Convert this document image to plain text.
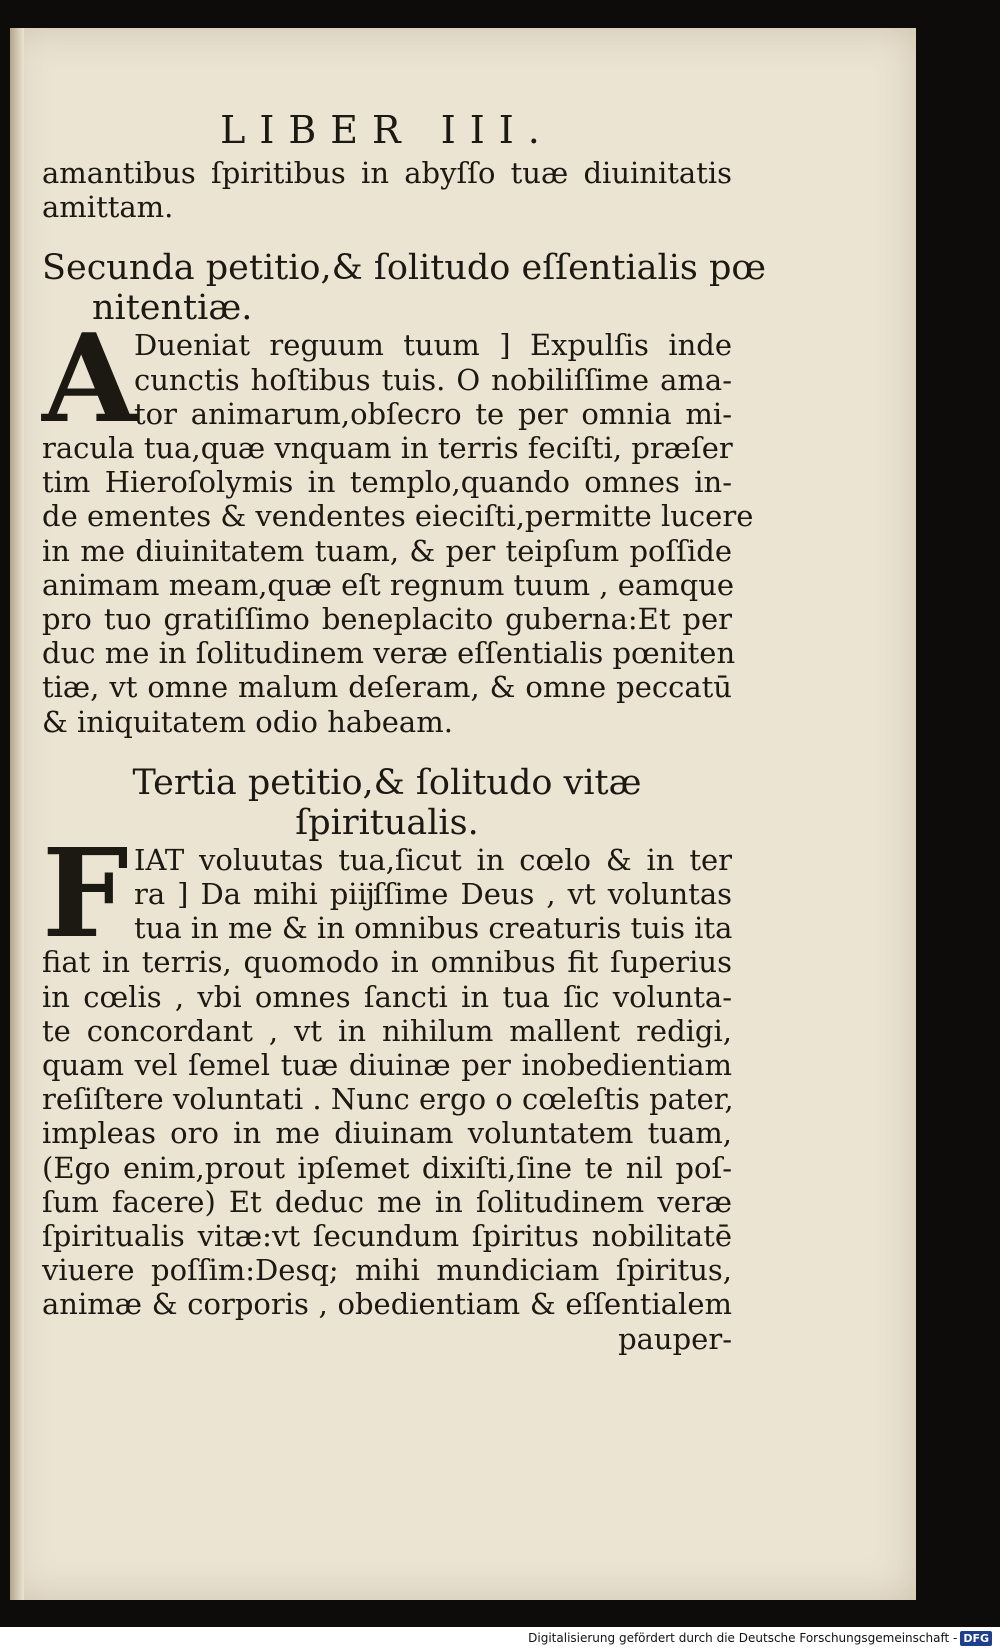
LIBER III.
amantibus ſpiritibus in abyſſo tuæ diuinitatis
amittam.
Secunda petitio,& ſolitudo eſſentialis pœ
nitentiæ.
A
Dueniat reguum tuum ] Expulſis inde
cunctis hoſtibus tuis. O nobiliſſime ama-
tor animarum,obſecro te per omnia mi-
racula tua,quæ vnquam in terris feciſti, præſer
tim Hieroſolymis in templo,quando omnes in-
de ementes & vendentes eieciſti,permitte lucere
in me diuinitatem tuam, & per teipſum poſſide
animam meam,quæ eſt regnum tuum , eamque
pro tuo gratiſſimo beneplacito guberna:Et per
duc me in ſolitudinem veræ eſſentialis pœniten
tiæ, vt omne malum deſeram, & omne peccatū
& iniquitatem odio habeam.
Tertia petitio,& ſolitudo vitæ
ſpiritualis.
F IAT voluutas tua,ſicut in cœlo & in ter
ra ] Da mihi piĳſſime Deus , vt voluntas
tua in me & in omnibus creaturis tuis ita
fiat in terris, quomodo in omnibus fit ſuperius
in cœlis , vbi omnes ſancti in tua ſic volunta-
te concordant , vt in nihilum mallent redigi,
quam vel ſemel tuæ diuinæ per inobedientiam
reſiſtere voluntati . Nunc ergo o cœleſtis pater,
impleas oro in me diuinam voluntatem tuam,
(Ego enim,prout ipſemet dixiſti,ſine te nil poſ-
ſum facere) Et deduc me in ſolitudinem veræ
ſpiritualis vitæ:vt ſecundum ſpiritus nobilitatē
viuere poſſim:Desq; mihi mundiciam ſpiritus,
animæ & corporis , obedientiam & eſſentialem
pauper-
Digitalisierung gefördert durch die Deutsche Forschungsgemeinschaft - DFG
